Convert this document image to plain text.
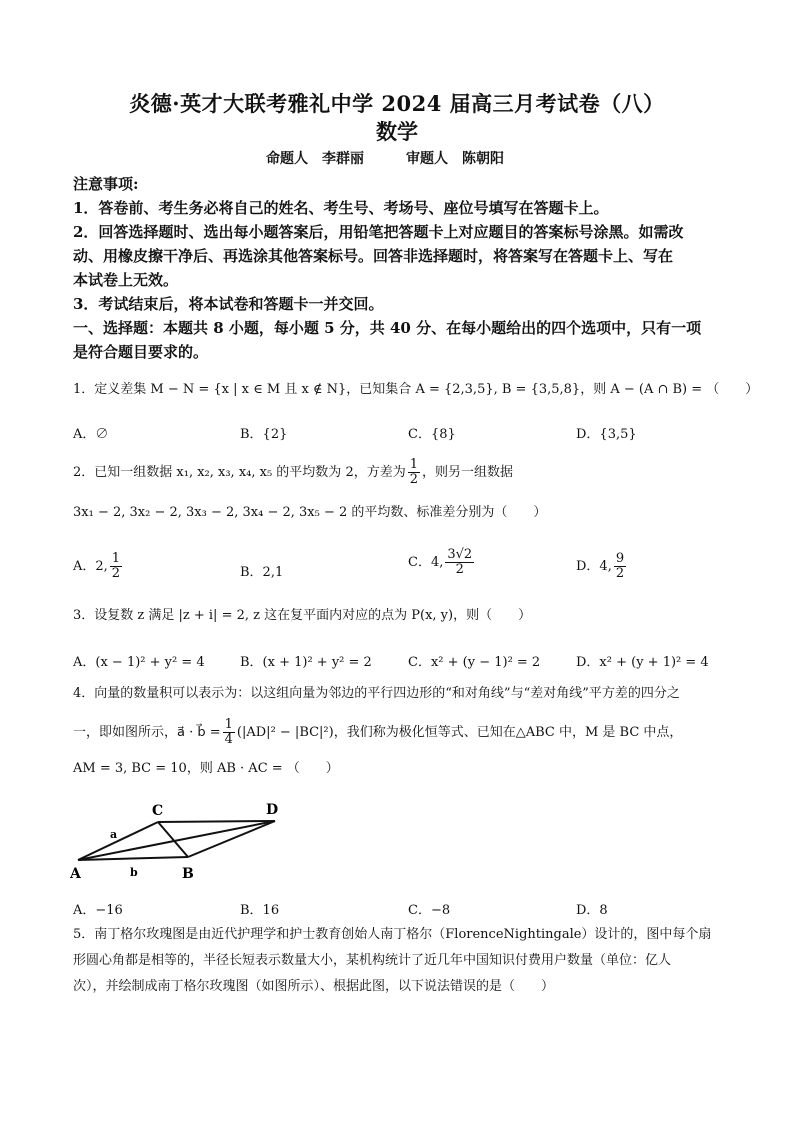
炎德·英才大联考雅礼中学 2024 届高三月考试卷（八）
数学
命题人　李群丽　　　审题人　陈朝阳
注意事项:
1．答卷前、考生务必将自己的姓名、考生号、考场号、座位号填写在答题卡上。
2．回答选择题时、选出每小题答案后，用铅笔把答题卡上对应题目的答案标号涂黑。如需改
动、用橡皮擦干净后、再选涂其他答案标号。回答非选择题时，将答案写在答题卡上、写在
本试卷上无效。
3．考试结束后，将本试卷和答题卡一并交回。
一、选择题：本题共 8 小题，每小题 5 分，共 40 分、在每小题给出的四个选项中，只有一项
是符合题目要求的。
1．定义差集 M − N = {x | x ∈ M 且 x ∉ N}，已知集合 A = {2,3,5}, B = {3,5,8}，则 A − (A ∩ B) = （　　）
A．∅	B．{2}	C．{8}	D．{3,5}
2．已知一组数据 x₁, x₂, x₃, x₄, x₅ 的平均数为 2，方差为 $\frac{1}{2}$ ，则另一组数据
3x₁ − 2, 3x₂ − 2, 3x₃ − 2, 3x₄ − 2, 3x₅ − 2 的平均数、标准差分别为（　　）
A．2, $\frac{1}{2}$	B．2,1
C．4, $\frac{3√2}{2}$	D．4, $\frac{9}{2}$
3．设复数 z 满足 |z + i| = 2, z 这在复平面内对应的点为 P(x, y)，则（　　）
A．(x − 1)² + y² = 4	B．(x + 1)² + y² = 2	C．x² + (y − 1)² = 2	D．x² + (y + 1)² = 4
4．向量的数量积可以表示为：以这组向量为邻边的平行四边形的“和对角线”与“差对角线”平方差的四分之
一，即如图所示，a⃗ · b⃗ = $\frac{1}{4} (|AD|^2 - |BC|^2)$，我们称为极化恒等式、已知在△ABC 中，M 是 BC 中点，
AM = 3, BC = 10，则 AB · AC = （　　）
C	D
A	B
a
b
A．−16	B．16	C．−8	D．8
5．南丁格尔玫瑰图是由近代护理学和护士教育创始人南丁格尔（FlorenceNightingale）设计的，图中每个扇
形圆心角都是相等的，半径长短表示数量大小，某机构统计了近几年中国知识付费用户数量（单位：亿人
次），并绘制成南丁格尔玫瑰图（如图所示）、根据此图，以下说法错误的是（　　）
